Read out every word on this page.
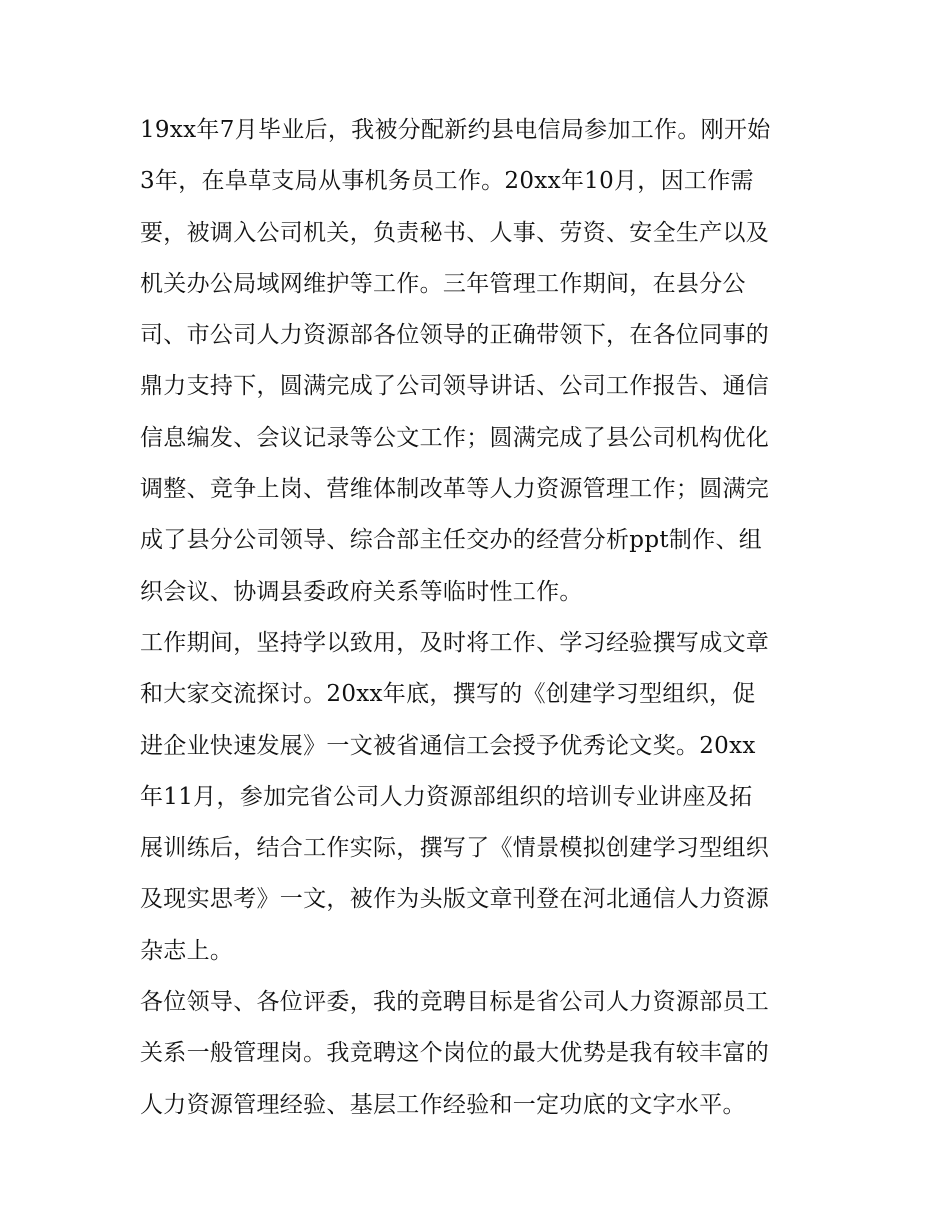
19xx年7月毕业后，我被分配新约县电信局参加工作。刚开始
3年，在阜草支局从事机务员工作。20xx年10月，因工作需
要，被调入公司机关，负责秘书、人事、劳资、安全生产以及
机关办公局域网维护等工作。三年管理工作期间，在县分公
司、市公司人力资源部各位领导的正确带领下，在各位同事的
鼎力支持下，圆满完成了公司领导讲话、公司工作报告、通信
信息编发、会议记录等公文工作；圆满完成了县公司机构优化
调整、竞争上岗、营维体制改革等人力资源管理工作；圆满完
成了县分公司领导、综合部主任交办的经营分析ppt制作、组
织会议、协调县委政府关系等临时性工作。
工作期间，坚持学以致用，及时将工作、学习经验撰写成文章
和大家交流探讨。20xx年底，撰写的《创建学习型组织，促
进企业快速发展》一文被省通信工会授予优秀论文奖。20xx
年11月，参加完省公司人力资源部组织的培训专业讲座及拓
展训练后，结合工作实际，撰写了《情景模拟创建学习型组织
及现实思考》一文，被作为头版文章刊登在河北通信人力资源
杂志上。
各位领导、各位评委，我的竞聘目标是省公司人力资源部员工
关系一般管理岗。我竞聘这个岗位的最大优势是我有较丰富的
人力资源管理经验、基层工作经验和一定功底的文字水平。
